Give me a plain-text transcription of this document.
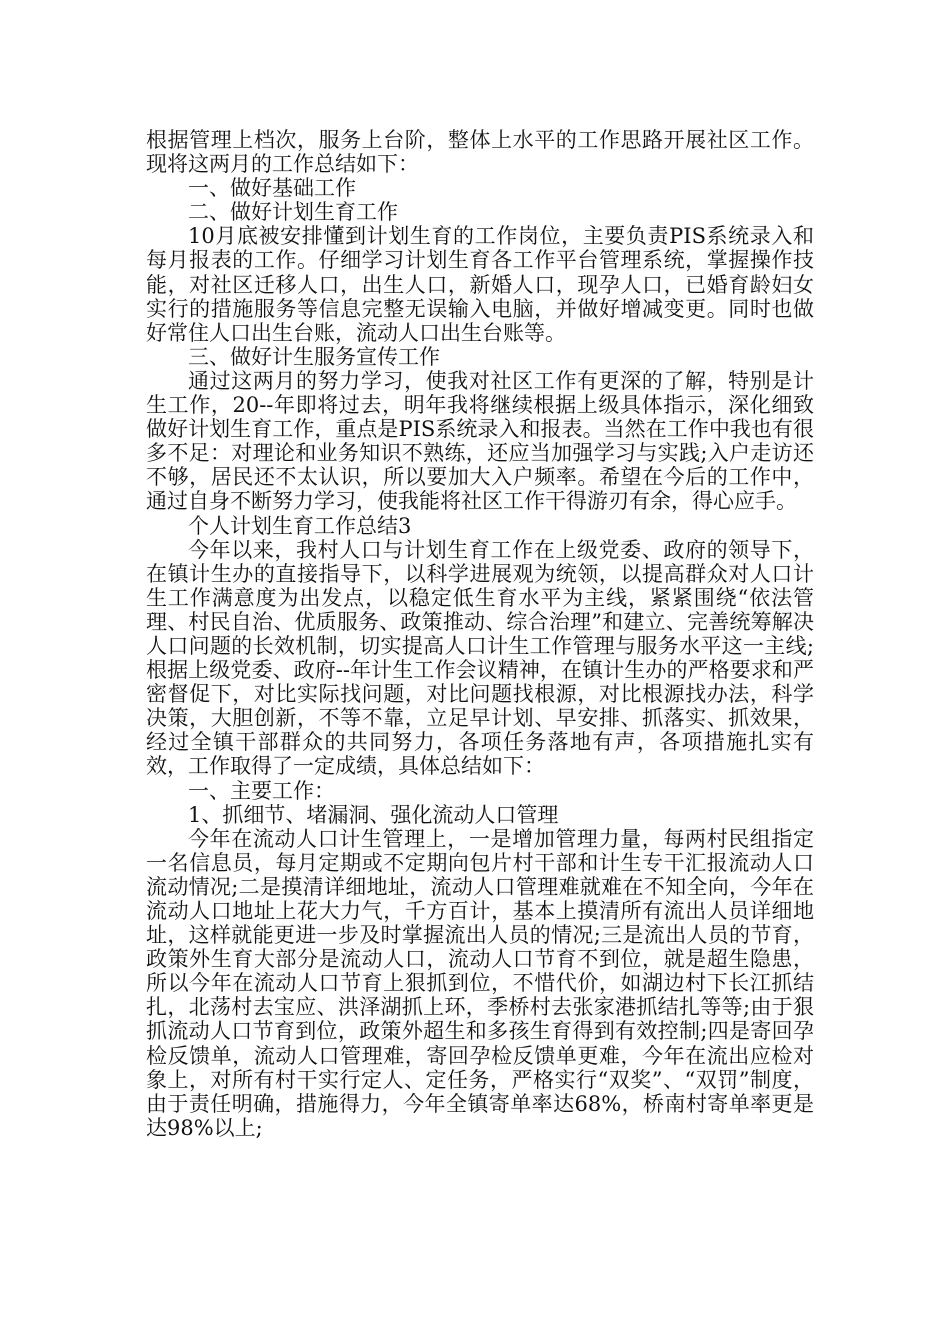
根据管理上档次，服务上台阶，整体上水平的工作思路开展社区工作。现将这两月的工作总结如下：

一、做好基础工作

二、做好计划生育工作

10月底被安排懂到计划生育的工作岗位，主要负责PIS系统录入和每月报表的工作。仔细学习计划生育各工作平台管理系统，掌握操作技能，对社区迁移人口，出生人口，新婚人口，现孕人口，已婚育龄妇女实行的措施服务等信息完整无误输入电脑，并做好增减变更。同时也做好常住人口出生台账，流动人口出生台账等。

三、做好计生服务宣传工作

通过这两月的努力学习，使我对社区工作有更深的了解，特别是计生工作，20--年即将过去，明年我将继续根据上级具体指示，深化细致做好计划生育工作，重点是PIS系统录入和报表。当然在工作中我也有很多不足：对理论和业务知识不熟练，还应当加强学习与实践;入户走访还不够，居民还不太认识，所以要加大入户频率。希望在今后的工作中，通过自身不断努力学习，使我能将社区工作干得游刃有余，得心应手。

个人计划生育工作总结3

今年以来，我村人口与计划生育工作在上级党委、政府的领导下，在镇计生办的直接指导下，以科学进展观为统领，以提高群众对人口计生工作满意度为出发点，以稳定低生育水平为主线，紧紧围绕“依法管理、村民自治、优质服务、政策推动、综合治理”和建立、完善统筹解决人口问题的长效机制，切实提高人口计生工作管理与服务水平这一主线;根据上级党委、政府--年计生工作会议精神，在镇计生办的严格要求和严密督促下，对比实际找问题，对比问题找根源，对比根源找办法，科学决策，大胆创新，不等不靠，立足早计划、早安排、抓落实、抓效果，经过全镇干部群众的共同努力，各项任务落地有声，各项措施扎实有效，工作取得了一定成绩，具体总结如下：

一、主要工作：

1、抓细节、堵漏洞、强化流动人口管理

今年在流动人口计生管理上，一是增加管理力量，每两村民组指定一名信息员，每月定期或不定期向包片村干部和计生专干汇报流动人口流动情况;二是摸清详细地址，流动人口管理难就难在不知全向，今年在流动人口地址上花大力气，千方百计，基本上摸清所有流出人员详细地址，这样就能更进一步及时掌握流出人员的情况;三是流出人员的节育，政策外生育大部分是流动人口，流动人口节育不到位，就是超生隐患，所以今年在流动人口节育上狠抓到位，不惜代价，如湖边村下长江抓结扎，北荡村去宝应、洪泽湖抓上环，季桥村去张家港抓结扎等等;由于狠抓流动人口节育到位，政策外超生和多孩生育得到有效控制;四是寄回孕检反馈单，流动人口管理难，寄回孕检反馈单更难，今年在流出应检对象上，对所有村干实行定人、定任务，严格实行“双奖”、“双罚”制度，由于责任明确，措施得力，今年全镇寄单率达68%，桥南村寄单率更是达98%以上;
